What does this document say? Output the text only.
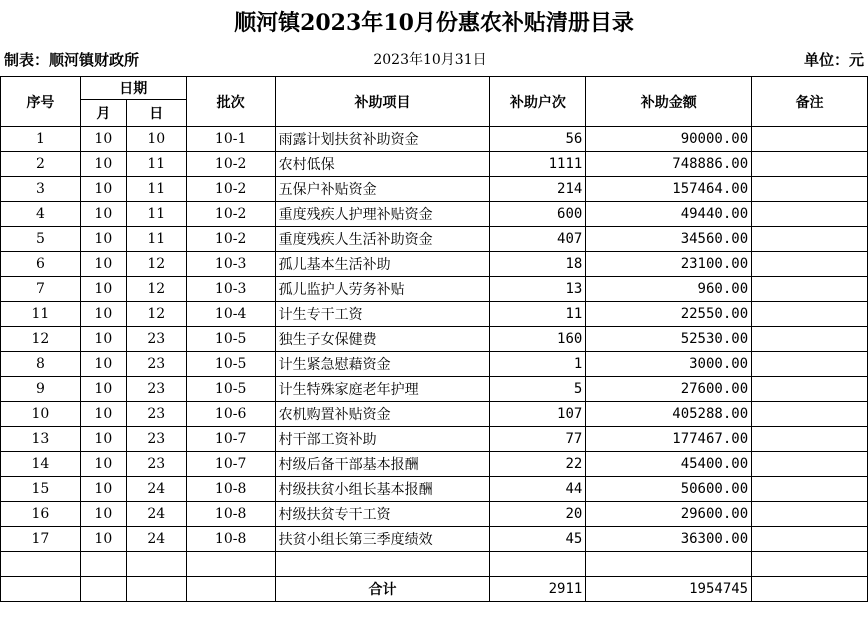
顺河镇2023年10月份惠农补贴清册目录
制表：顺河镇财政所	2023年10月31日	单位：元
序号	日期		批次	补助项目	补助户次	补助金额	备注
	月	日					
1	10	10	10-1	雨露计划扶贫补助资金	56	90000.00	
2	10	11	10-2	农村低保	1111	748886.00	
3	10	11	10-2	五保户补贴资金	214	157464.00	
4	10	11	10-2	重度残疾人护理补贴资金	600	49440.00	
5	10	11	10-2	重度残疾人生活补助资金	407	34560.00	
6	10	12	10-3	孤儿基本生活补助	18	23100.00	
7	10	12	10-3	孤儿监护人劳务补贴	13	960.00	
11	10	12	10-4	计生专干工资	11	22550.00	
12	10	23	10-5	独生子女保健费	160	52530.00	
8	10	23	10-5	计生紧急慰藉资金	1	3000.00	
9	10	23	10-5	计生特殊家庭老年护理	5	27600.00	
10	10	23	10-6	农机购置补贴资金	107	405288.00	
13	10	23	10-7	村干部工资补助	77	177467.00	
14	10	23	10-7	村级后备干部基本报酬	22	45400.00	
15	10	24	10-8	村级扶贫小组长基本报酬	44	50600.00	
16	10	24	10-8	村级扶贫专干工资	20	29600.00	
17	10	24	10-8	扶贫小组长第三季度绩效	45	36300.00	

				合计	2911	1954745	
